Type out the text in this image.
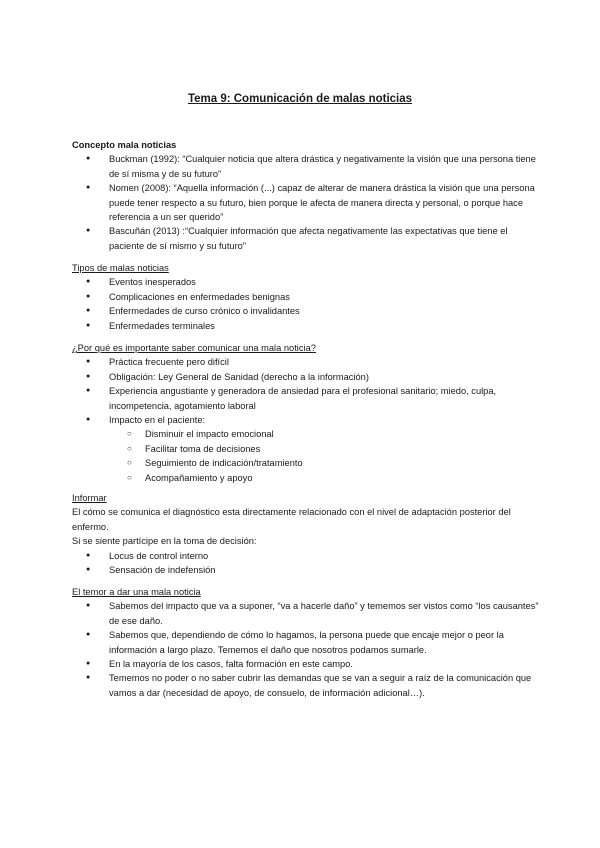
Tema 9: Comunicación de malas noticias
Concepto mala noticias
● Buckman (1992): “Cualquier noticia que altera drástica y negativamente la visión que una persona tiene de sí misma y de su futuro”
● Nomen (2008): “Aquella información (...) capaz de alterar de manera drástica la visión que una persona puede tener respecto a su futuro, bien porque le afecta de manera directa y personal, o porque hace referencia a un ser querido”
● Bascuñán (2013) :“Cualquier información que afecta negativamente las expectativas que tiene el paciente de sí mismo y su futuro”
Tipos de malas noticias
● Eventos inesperados
● Complicaciones en enfermedades benignas
● Enfermedades de curso crónico o invalidantes
● Enfermedades terminales
¿Por qué es importante saber comunicar una mala noticia?
● Práctica frecuente pero difícil
● Obligación: Ley General de Sanidad (derecho a la información)
● Experiencia angustiante y generadora de ansiedad para el profesional sanitario; miedo, culpa, incompetencia, agotamiento laboral
● Impacto en el paciente:
○ Disminuir el impacto emocional
○ Facilitar toma de decisiones
○ Seguimiento de indicación/tratamiento
○ Acompañamiento y apoyo
Informar

El cómo se comunica el diagnóstico esta directamente relacionado con el nivel de adaptación posterior del enfermo.

Si se siente partícipe en la toma de decisión:

● Locus de control interno
● Sensación de indefensión
El temor a dar una mala noticia
● Sabemos del impacto que va a suponer, “va a hacerle daño” y tememos ser vistos como “los causantes” de ese daño.
● Sabemos que, dependiendo de cómo lo hagamos, la persona puede que encaje mejor o peor la información a largo plazo. Tememos el daño que nosotros podamos sumarle.
● En la mayoría de los casos, falta formación en este campo.
● Tememos no poder o no saber cubrir las demandas que se van a seguir a raíz de la comunicación que vamos a dar (necesidad de apoyo, de consuelo, de información adicional…).
